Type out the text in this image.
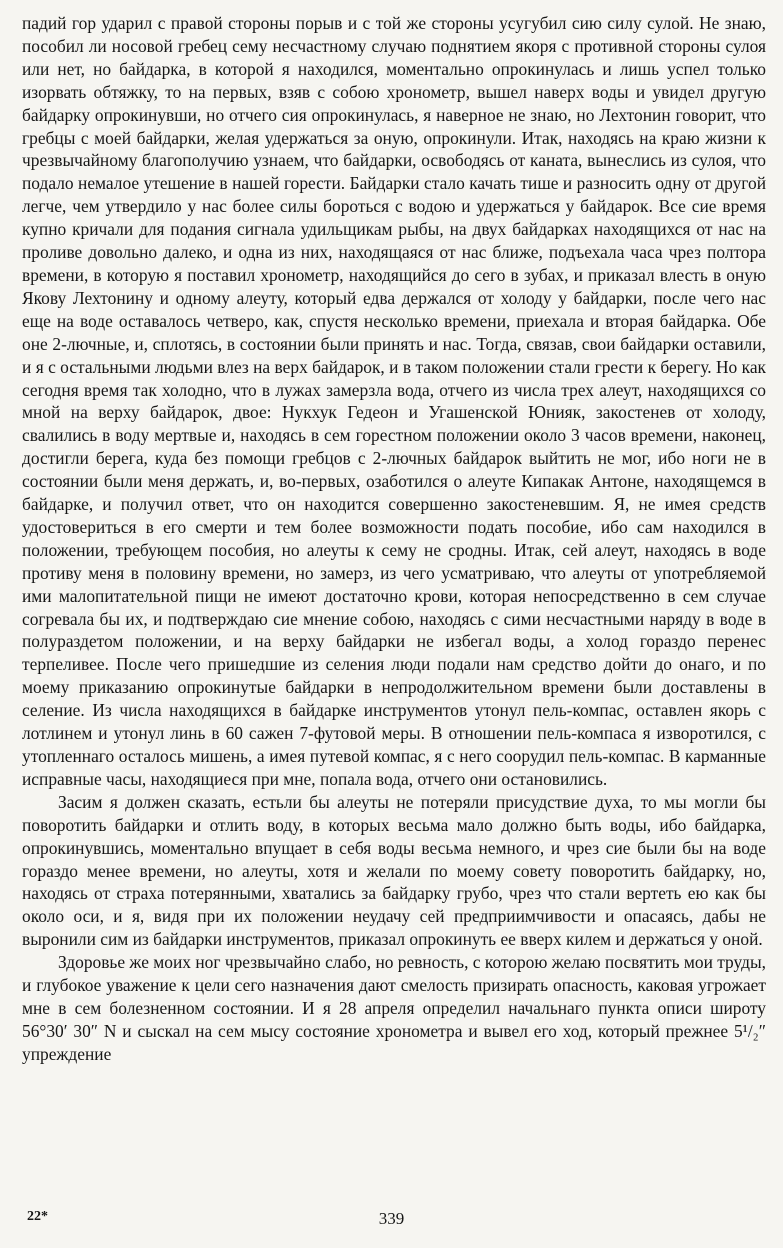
падий гор ударил с правой стороны порыв и с той же стороны усугубил сию силу сулой. Не знаю, пособил ли носовой гребец сему несчастному случаю поднятием якоря с противной стороны сулоя или нет, но байдарка, в которой я находился, моментально опрокинулась и лишь успел только изорвать обтяжку, то на первых, взяв с собою хронометр, вышел наверх воды и увидел другую байдарку опрокинувши, но отчего сия опрокинулась, я наверное не знаю, но Лехтонин говорит, что гребцы с моей байдарки, желая удержаться за оную, опрокинули. Итак, находясь на краю жизни к чрезвычайному благополучию узнаем, что байдарки, освободясь от каната, вынеслись из сулоя, что подало немалое утешение в нашей горести. Байдарки стало качать тише и разносить одну от другой легче, чем утвердило у нас более силы бороться с водою и удержаться у байдарок. Все сие время купно кричали для подания сигнала удильщикам рыбы, на двух байдарках находящихся от нас на проливе довольно далеко, и одна из них, находящаяся от нас ближе, подъехала часа чрез полтора времени, в которую я поставил хронометр, находящийся до сего в зубах, и приказал влесть в оную Якову Лехтонину и одному алеуту, который едва держался от холоду у байдарки, после чего нас еще на воде оставалось четверо, как, спустя несколько времени, приехала и вторая байдарка. Обе оне 2-лючные, и, сплотясь, в состоянии были принять и нас. Тогда, связав, свои байдарки оставили, и я с остальными людьми влез на верх байдарок, и в таком положении стали грести к берегу. Но как сегодня время так холодно, что в лужах замерзла вода, отчего из числа трех алеут, находящихся со мной на верху байдарок, двое: Нукхук Гедеон и Угашенской Юнияк, закостенев от холоду, свалились в воду мертвые и, находясь в сем горестном положении около 3 часов времени, наконец, достигли берега, куда без помощи гребцов с 2-лючных байдарок выйтить не мог, ибо ноги не в состоянии были меня держать, и, во-первых, озаботился о алеуте Кипакак Антоне, находящемся в байдарке, и получил ответ, что он находится совершенно закостеневшим. Я, не имея средств удостовериться в его смерти и тем более возможности подать пособие, ибо сам находился в положении, требующем пособия, но алеуты к сему не сродны. Итак, сей алеут, находясь в воде противу меня в половину времени, но замерз, из чего усматриваю, что алеуты от употребляемой ими малопитательной пищи не имеют достаточно крови, которая непосредственно в сем случае согревала бы их, и подтверждаю сие мнение собою, находясь с сими несчастными наряду в воде в полураздетом положении, и на верху байдарки не избегал воды, а холод гораздо перенес терпеливее. После чего пришедшие из селения люди подали нам средство дойти до онаго, и по моему приказанию опрокинутые байдарки в непродолжительном времени были доставлены в селение. Из числа находящихся в байдарке инструментов утонул пель-компас, оставлен якорь с лотлинем и утонул линь в 60 сажен 7-футовой меры. В отношении пель-компаса я изворотился, с утопленнаго осталось мишень, а имея путевой компас, я с него соорудил пель-компас. В карманные исправные часы, находящиеся при мне, попала вода, отчего они остановились.

Засим я должен сказать, естьли бы алеуты не потеряли присудствие духа, то мы могли бы поворотить байдарки и отлить воду, в которых весьма мало должно быть воды, ибо байдарка, опрокинувшись, моментально впущает в себя воды весьма немного, и чрез сие были бы на воде гораздо менее времени, но алеуты, хотя и желали по моему совету поворотить байдарку, но, находясь от страха потерянными, хватались за байдарку грубо, чрез что стали вертеть ею как бы около оси, и я, видя при их положении неудачу сей предприимчивости и опасаясь, дабы не выронили сим из байдарки инструментов, приказал опрокинуть ее вверх килем и держаться у оной.

Здоровье же моих ног чрезвычайно слабо, но ревность, с которою желаю посвятить мои труды, и глубокое уважение к цели сего назначения дают смелость призирать опасность, каковая угрожает мне в сем болезненном состоянии. И я 28 апреля определил начальнаго пункта описи широту 56°30′ 30″ N и сыскал на сем мысу состояние хронометра и вывел его ход, который прежнее 5¹/₂″ упреждение

22*	339
